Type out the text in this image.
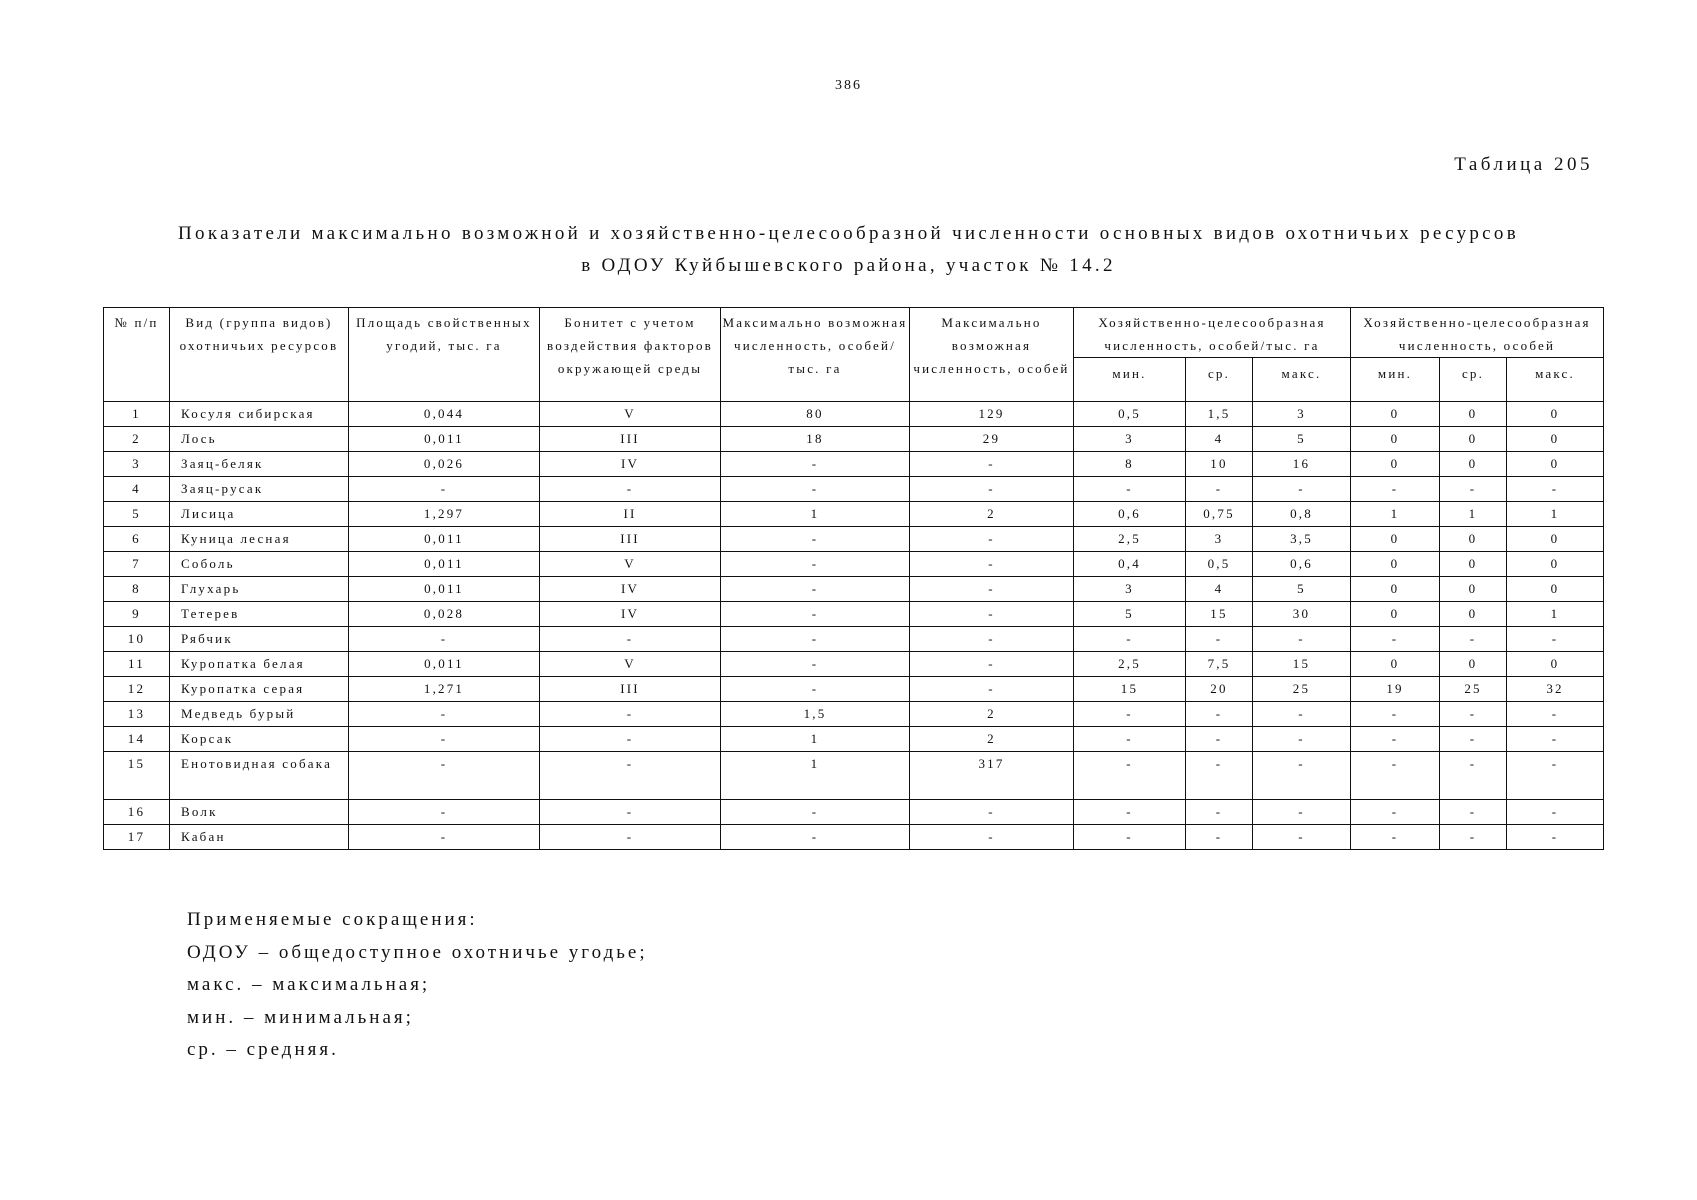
386
Таблица 205
Показатели максимально возможной и хозяйственно-целесообразной численности основных видов охотничьих ресурсов
в ОДОУ Куйбышевского района, участок № 14.2
№ п/п	Вид (группа видов) охотничьих ресурсов	Площадь свойственных угодий, тыс. га	Бонитет с учетом воздействия факторов окружающей среды	Максимально возможная численность, особей/тыс. га	Максимально возможная численность, особей	Хозяйственно-целесообразная численность, особей/тыс. га			Хозяйственно-целесообразная численность, особей		
						мин.	ср.	макс.	мин.	ср.	макс.
1	Косуля сибирская	0,044	V	80	129	0,5	1,5	3	0	0	0
2	Лось	0,011	III	18	29	3	4	5	0	0	0
3	Заяц-беляк	0,026	IV	-	-	8	10	16	0	0	0
4	Заяц-русак	-	-	-	-	-	-	-	-	-	-
5	Лисица	1,297	II	1	2	0,6	0,75	0,8	1	1	1
6	Куница лесная	0,011	III	-	-	2,5	3	3,5	0	0	0
7	Соболь	0,011	V	-	-	0,4	0,5	0,6	0	0	0
8	Глухарь	0,011	IV	-	-	3	4	5	0	0	0
9	Тетерев	0,028	IV	-	-	5	15	30	0	0	1
10	Рябчик	-	-	-	-	-	-	-	-	-	-
11	Куропатка белая	0,011	V	-	-	2,5	7,5	15	0	0	0
12	Куропатка серая	1,271	III	-	-	15	20	25	19	25	32
13	Медведь бурый	-	-	1,5	2	-	-	-	-	-	-
14	Корсак	-	-	1	2	-	-	-	-	-	-
15	Енотовидная собака	-	-	1	317	-	-	-	-	-	-
16	Волк	-	-	-	-	-	-	-	-	-	-
17	Кабан	-	-	-	-	-	-	-	-	-	-
Применяемые сокращения:
ОДОУ – общедоступное охотничье угодье;
макс. – максимальная;
мин. – минимальная;
ср. – средняя.
